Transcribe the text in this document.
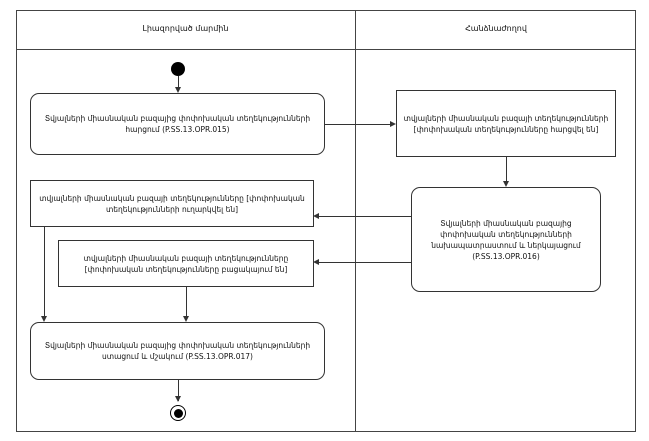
Լիազորված մարմին	Հանձնաժողով
Տվյալների միասնական բազայից փոփոխական տեղեկությունների հարցում (P.SS.13.OPR.015)
տվյալների միասնական բազայի տեղեկությունների [փոփոխական տեղեկությունները հարցվել են]
Տվյալների միասնական բազայից փոփոխական տեղեկությունների նախապատրաստում և ներկայացում (P.SS.13.OPR.016)
տվյալների միասնական բազայի տեղեկությունները [փոփոխական տեղեկությունների ուղարկվել են]
տվյալների միասնական բազայի տեղեկությունները [փոփոխական տեղեկությունները բացակայում են]
Տվյալների միասնական բազայից փոփոխական տեղեկությունների ստացում և մշակում (P.SS.13.OPR.017)
